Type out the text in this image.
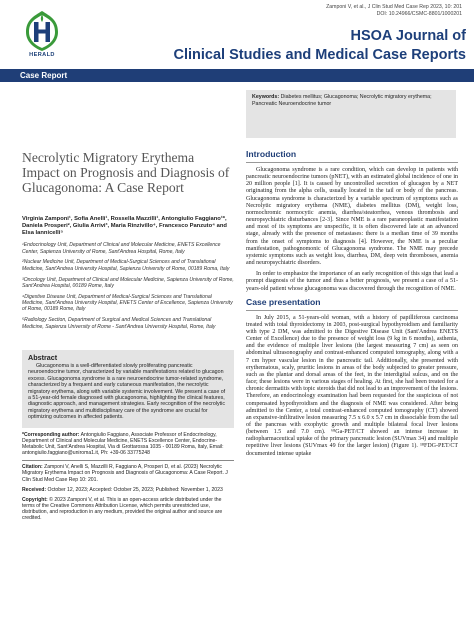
Zamponi V, et al., J Clin Stud Med Case Rep 2023, 10: 201
DOI: 10.24966/CSMC-8801/1000201
HERALD
HSOA Journal of
Clinical Studies and Medical Case Reports
Case Report
Necrolytic Migratory Erythema Impact on Prognosis and Diagnosis of Glucagonoma: A Case Report
Virginia Zamponi¹, Sofia Anelli¹, Rossella Mazzilli¹, Antongiulio Faggiano¹*, Daniela Prosperi², Giulia Arrivi³, Maria Rinzivillo⁴, Francesco Panzuto⁴ and Elsa Iannicelli⁵

¹Endocrinology Unit, Department of Clinical and Molecular Medicine, ENETS Excellence Center, Sapienza University of Rome, Sant'Andrea Hospital, Rome, Italy

²Nuclear Medicine Unit, Department of Medical-Surgical Sciences and of Translational Medicine, Sant'Andrea University Hospital, Sapienza University of Rome, 00189 Roma, Italy

³Oncology Unit, Department of Clinical and Molecular Medicine, Sapienza University of Rome, Sant'Andrea Hospital, 00189 Rome, Italy

⁴Digestive Disease Unit, Department of Medical-Surgical Sciences and Translational Medicine, Sant'Andrea University Hospital, ENETS Center of Excellence, Sapienza University of Rome, 00189 Rome, Italy

⁵Radiology Section, Department of Surgical and Medical Sciences and Translational Medicine, Sapienza University of Rome - Sant'Andrea University Hospital, Rome, Italy

Abstract

Glucagonoma is a well-differentiated slowly proliferating pancreatic neuroendocrine tumor, characterized by variable manifestations related to glucagon excess. Glucagonoma syndrome is a rare neuroendocrine tumor-related syndrome, characterized by a frequent and early cutaneous manifestation, the necrolytic migratory erythema, along with variable systemic involvement. We present a case of a 51-year-old female diagnosed with glucagonoma, highlighting the clinical features, diagnostic approach, and management strategies. Early recognition of the necrolytic migratory erythema and multidisciplinary care of the syndrome are crucial for optimizing outcomes in affected patients.

*Corresponding author: Antongiulio Faggiano, Associate Professor of Endocrinology, Department of Clinical and Molecular Medicine, ENETS Excellence Center, Endocrine-Metabolic Unit, Sant'Andrea Hospital, Via di Grottarossa 1035 - 00189 Roma, Italy, Email: antongiulio.faggiano@uniroma1.it, Ph: +39-06 33775248

Citation: Zamponi V, Anelli S, Mazzilli R, Faggiano A, Prosperi D, et al. (2023) Necrolytic Migratory Erythema Impact on Prognosis and Diagnosis of Glucagonoma: A Case Report. J Clin Stud Med Case Rep 10: 201.

Received: October 12, 2023; Accepted: October 25, 2023; Published: November 1, 2023

Copyright: © 2023 Zamponi V, et al. This is an open-access article distributed under the terms of the Creative Commons Attribution License, which permits unrestricted use, distribution, and reproduction in any medium, provided the original author and source are credited.

Keywords: Diabetes mellitus; Glucagonoma; Necrolytic migratory erythema; Pancreatic Neuroendocrine tumor
Introduction

Glucagonoma syndrome is a rare condition, which can develop in patients with pancreatic neuroendocrine tumors (pNET), with an estimated global incidence of one in 20 million people [1]. It is caused by uncontrolled secretion of glucagon by a NET originating from the alpha cells, usually located in the tail or body of the pancreas. Glucagonoma syndrome is characterized by a variable spectrum of symptoms such as Necrolytic migratory erythema (NME), diabetes mellitus (DM), weight loss, normochromic normocytic anemia, diarrhea/steatorrhea, venous thrombosis and neuropsychiatric disturbances [2-3]. Since NME is a rare paraneoplastic manifestation and most of its symptoms are unspecific, it is often discovered late at an advanced stage, already with the presence of metastases: there is a median time of 39 months from the onset of symptoms to diagnosis [4]. However, the NME is a peculiar manifestation, pathognomonic of Glucagonoma syndrome. The NME may precede systemic symptoms such as weight loss, diarrhea, DM, deep vein thromboses, anemia and neuropsychiatric disorders.

In order to emphasize the importance of an early recognition of this sign that lead a prompt diagnosis of the tumor and thus a better prognosis, we present a case of a 51-years-old patient whose glucagonoma was discovered through the recognition of NME.

Case presentation

In July 2015, a 51-years-old woman, with a history of papilliferous carcinoma treated with total thyroidectomy in 2003, post-surgical hypothyroidism and familiarity with type 2 DM, was admitted to the Digestive Disease Unit (Sant'Andrea ENETS Center of Excellence) due to the presence of weight loss (9 kg in 6 months), asthenia, and the evidence of multiple liver lesions (the largest measuring 7 cm) as seen on abdominal ultrasonography and contrast-enhanced computed tomography, along with a 7 cm hyper vascular lesion in the pancreatic tail. Additionally, she presented with erythematous, scaly, pruritic lesions in areas of the body subjected to greater pressure, such as the plantar and dorsal areas of the feet, in the interdigital sulcus, and on the face; these lesions were in various stages of healing. At first, she had been treated for a chronic dermatitis with topic steroids that did not lead to an improvement of the lesions. Therefore, an endocrinology examination had been requested for the suspicious of not compensated hypothyroidism and the diagnosis of NME was considered. After being admitted to the Center, a total contrast-enhanced computed tomography (CT) showed an expansive-infiltrative lesion measuring 7.5 x 6.0 x 5.7 cm in dissociable from the tail of the pancreas with exophytic growth and multiple bilateral focal liver lesions (between 1.5 and 7.0 cm). ⁶⁸Ga-PET/CT showed an intense increase in radiopharmaceutical uptake of the primary pancreatic lesion (SUVmax 34) and multiple repetitive liver lesions (SUVmax 49 for the larger lesion) (Figure 1). ¹⁸FDG-PET/CT documented intense uptake
